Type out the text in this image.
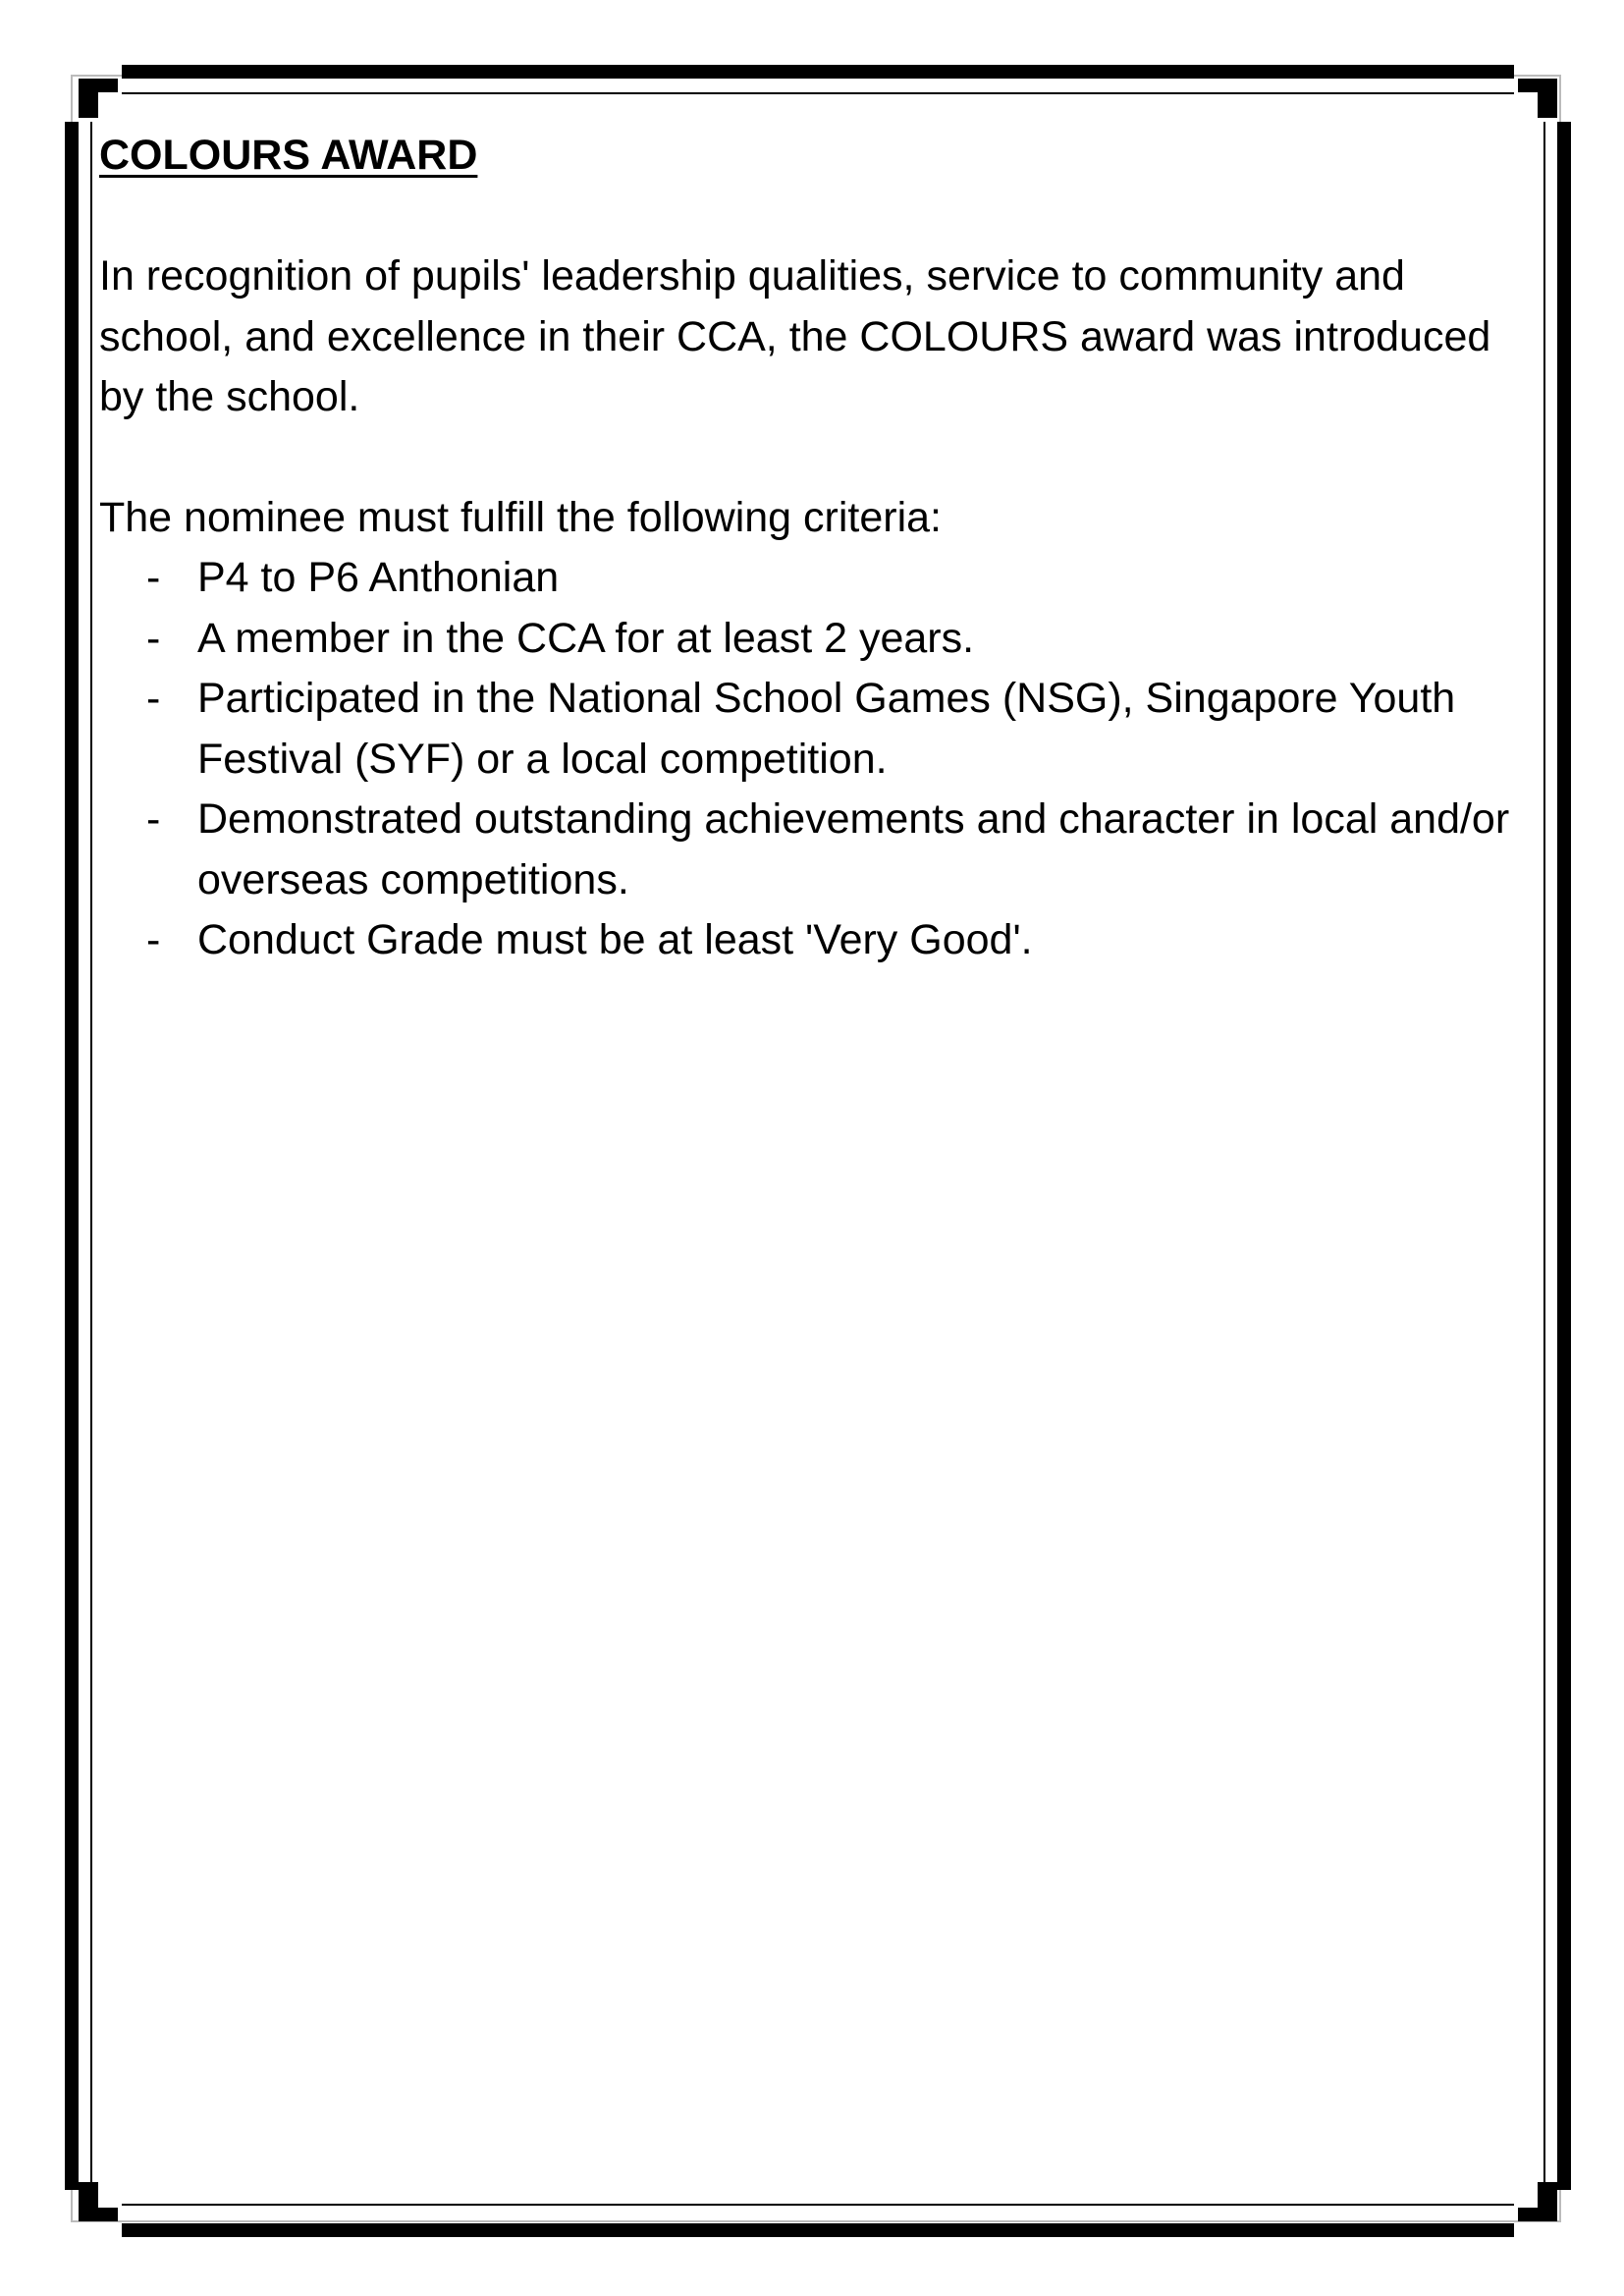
COLOURS AWARD

In recognition of pupils' leadership qualities, service to community and school, and excellence in their CCA, the COLOURS award was introduced by the school.

The nominee must fulfill the following criteria:

- P4 to P6 Anthonian
- A member in the CCA for at least 2 years.
- Participated in the National School Games (NSG), Singapore Youth Festival (SYF) or a local competition.
- Demonstrated outstanding achievements and character in local and/or overseas competitions.
- Conduct Grade must be at least 'Very Good'.
